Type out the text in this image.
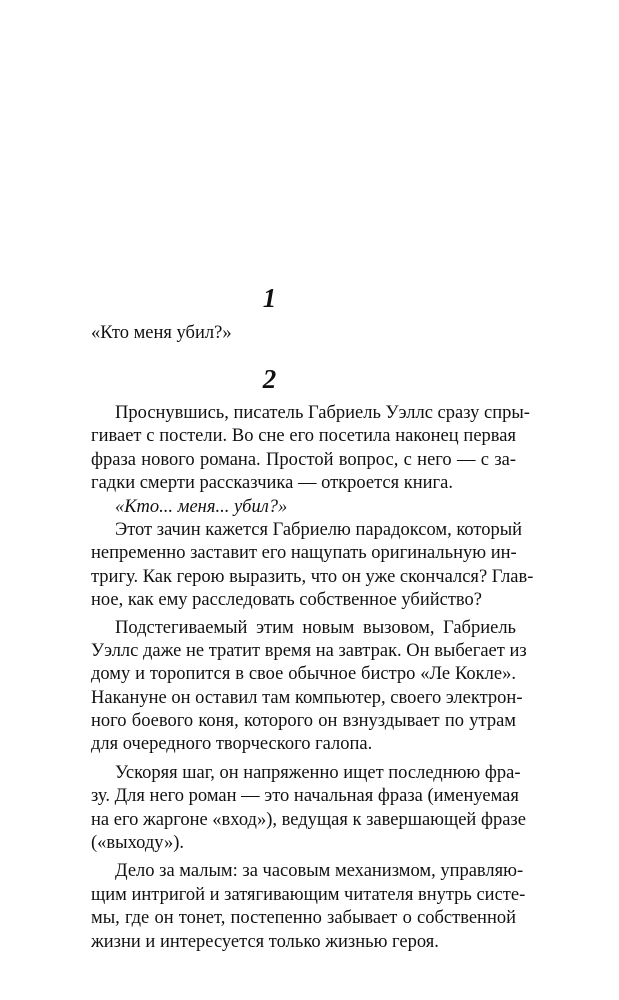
1
«Кто меня убил?»
2
Проснувшись, писатель Габриель Уэллс сразу спры-
гивает с постели. Во сне его посетила наконец первая
фраза нового романа. Простой вопрос, с него — с за-
гадки смерти рассказчика — откроется книга.
«Кто... меня... убил?»
Этот зачин кажется Габриелю парадоксом, который
непременно заставит его нащупать оригинальную ин-
тригу. Как герою выразить, что он уже скончался? Глав-
ное, как ему расследовать собственное убийство?
Подстегиваемый этим новым вызовом, Габриель
Уэллс даже не тратит время на завтрак. Он выбегает из
дому и торопится в свое обычное бистро «Ле Кокле».
Накануне он оставил там компьютер, своего электрон-
ного боевого коня, которого он взнуздывает по утрам
для очередного творческого галопа.
Ускоряя шаг, он напряженно ищет последнюю фра-
зу. Для него роман — это начальная фраза (именуемая
на его жаргоне «вход»), ведущая к завершающей фразе
(«выходу»).
Дело за малым: за часовым механизмом, управляю-
щим интригой и затягивающим читателя внутрь систе-
мы, где он тонет, постепенно забывает о собственной
жизни и интересуется только жизнью героя.
